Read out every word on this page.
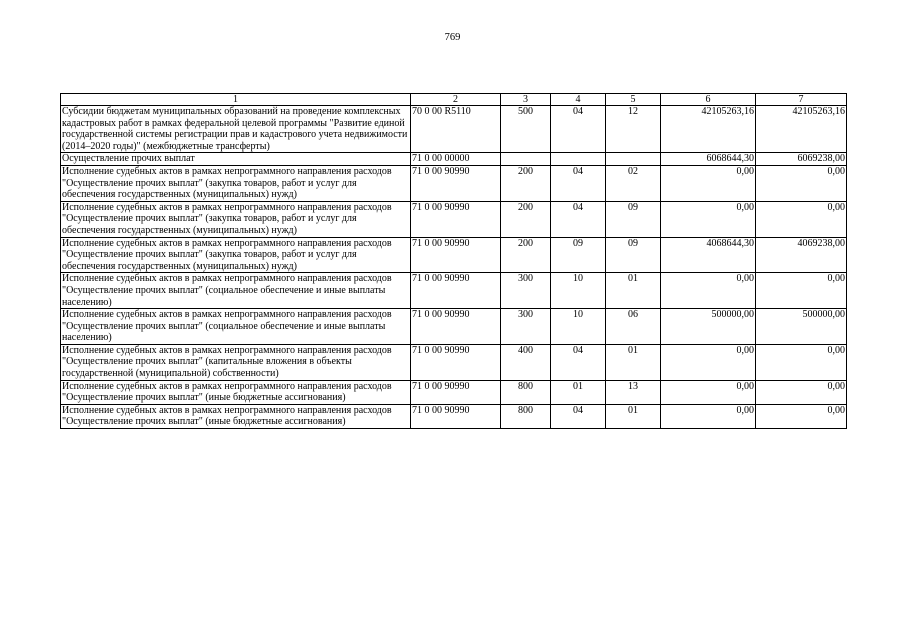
769
1	2	3	4	5	6	7
Субсидии бюджетам муниципальных образований на проведение комплексных кадастровых работ в рамках федеральной целевой программы "Развитие единой государственной системы регистрации прав и кадастрового учета недвижимости (2014–2020 годы)" (межбюджетные трансферты)	70 0 00 R5110	500	04	12	42105263,16	42105263,16
Осуществление прочих выплат	71 0 00 00000				6068644,30	6069238,00
Исполнение судебных актов в рамках непрограммного направления расходов "Осуществление прочих выплат" (закупка товаров, работ и услуг для обеспечения государственных (муниципальных) нужд)	71 0 00 90990	200	04	02	0,00	0,00
Исполнение судебных актов в рамках непрограммного направления расходов "Осуществление прочих выплат" (закупка товаров, работ и услуг для обеспечения государственных (муниципальных) нужд)	71 0 00 90990	200	04	09	0,00	0,00
Исполнение судебных актов в рамках непрограммного направления расходов "Осуществление прочих выплат" (закупка товаров, работ и услуг для обеспечения государственных (муниципальных) нужд)	71 0 00 90990	200	09	09	4068644,30	4069238,00
Исполнение судебных актов в рамках непрограммного направления расходов "Осуществление прочих выплат" (социальное обеспечение и иные выплаты населению)	71 0 00 90990	300	10	01	0,00	0,00
Исполнение судебных актов в рамках непрограммного направления расходов "Осуществление прочих выплат" (социальное обеспечение и иные выплаты населению)	71 0 00 90990	300	10	06	500000,00	500000,00
Исполнение судебных актов в рамках непрограммного направления расходов "Осуществление прочих выплат" (капитальные вложения в объекты государственной (муниципальной) собственности)	71 0 00 90990	400	04	01	0,00	0,00
Исполнение судебных актов в рамках непрограммного направления расходов "Осуществление прочих выплат" (иные бюджетные ассигнования)	71 0 00 90990	800	01	13	0,00	0,00
Исполнение судебных актов в рамках непрограммного направления расходов "Осуществление прочих выплат" (иные бюджетные ассигнования)	71 0 00 90990	800	04	01	0,00	0,00
